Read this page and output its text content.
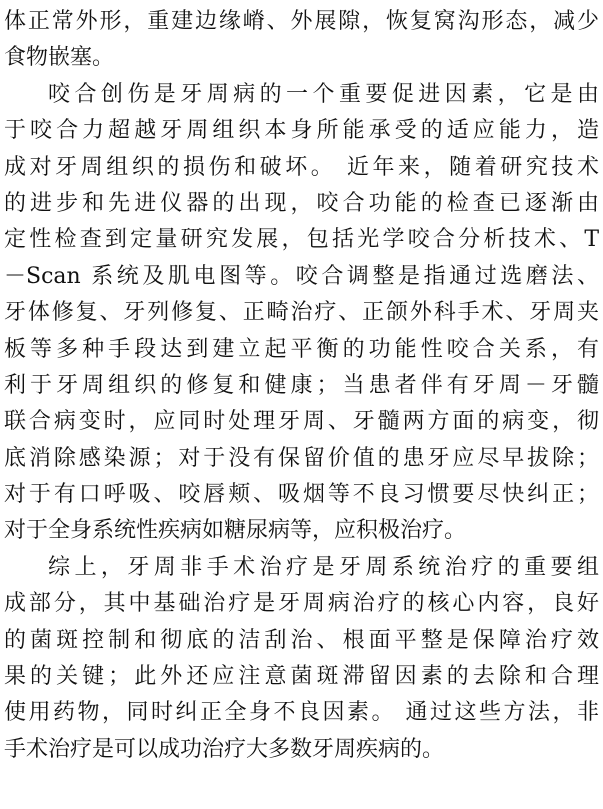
体正常外形，重建边缘嵴、外展隙，恢复窝沟形态，减少
食物嵌塞。
咬合创伤是牙周病的一个重要促进因素，它是由
于咬合力超越牙周组织本身所能承受的适应能力，造
成对牙周组织的损伤和破坏。 近年来，随着研究技术
的进步和先进仪器的出现，咬合功能的检查已逐渐由
定性检查到定量研究发展，包括光学咬合分析技术、T
－Scan 系统及肌电图等。咬合调整是指通过选磨法、
牙体修复、牙列修复、正畸治疗、正颌外科手术、牙周夹
板等多种手段达到建立起平衡的功能性咬合关系，有
利于牙周组织的修复和健康；当患者伴有牙周－牙髓
联合病变时，应同时处理牙周、牙髓两方面的病变，彻
底消除感染源；对于没有保留价值的患牙应尽早拔除；
对于有口呼吸、咬唇颊、吸烟等不良习惯要尽快纠正；
对于全身系统性疾病如糖尿病等，应积极治疗。
综上，牙周非手术治疗是牙周系统治疗的重要组
成部分，其中基础治疗是牙周病治疗的核心内容，良好
的菌斑控制和彻底的洁刮治、根面平整是保障治疗效
果的关键；此外还应注意菌斑滞留因素的去除和合理
使用药物，同时纠正全身不良因素。 通过这些方法，非
手术治疗是可以成功治疗大多数牙周疾病的。
